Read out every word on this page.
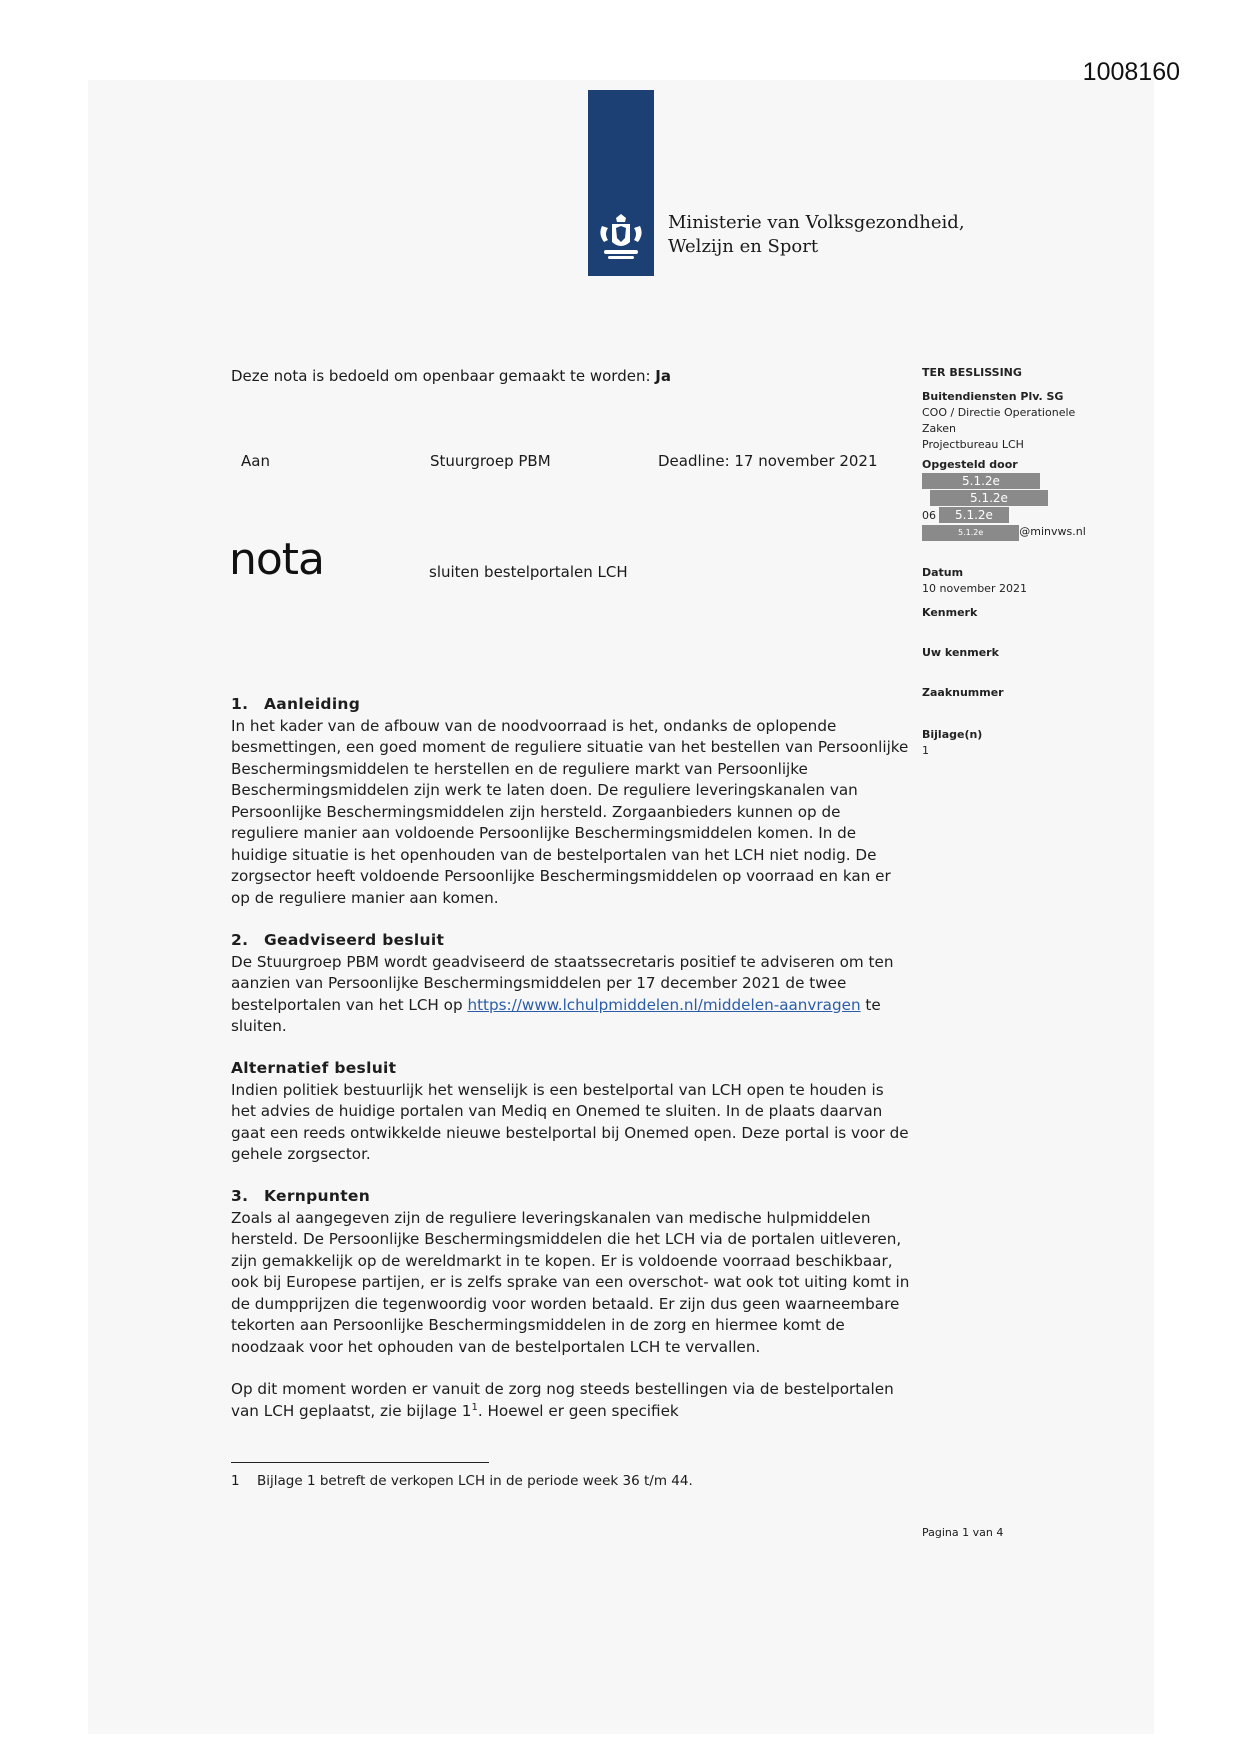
1008160
Ministerie van Volksgezondheid,
Welzijn en Sport
Deze nota is bedoeld om openbaar gemaakt te worden: Ja
Aan	Stuurgroep PBM	Deadline: 17 november 2021
nota	sluiten bestelportalen LCH
TER BESLISSING
Buitendiensten Plv. SG
COO / Directie Operationele
Zaken
Projectbureau LCH
Opgesteld door
5.1.2e
5.1.2e
06 5.1.2e
5.1.2e	@minvws.nl
Datum
10 november 2021
Kenmerk
Uw kenmerk
Zaaknummer
Bijlage(n)
1
1. Aanleiding

In het kader van de afbouw van de noodvoorraad is het, ondanks de oplopende besmettingen, een goed moment de reguliere situatie van het bestellen van Persoonlijke Beschermingsmiddelen te herstellen en de reguliere markt van Persoonlijke Beschermingsmiddelen zijn werk te laten doen. De reguliere leveringskanalen van Persoonlijke Beschermingsmiddelen zijn hersteld. Zorgaanbieders kunnen op de reguliere manier aan voldoende Persoonlijke Beschermingsmiddelen komen. In de huidige situatie is het openhouden van de bestelportalen van het LCH niet nodig. De zorgsector heeft voldoende Persoonlijke Beschermingsmiddelen op voorraad en kan er op de reguliere manier aan komen.

2. Geadviseerd besluit

De Stuurgroep PBM wordt geadviseerd de staatssecretaris positief te adviseren om ten aanzien van Persoonlijke Beschermingsmiddelen per 17 december 2021 de twee bestelportalen van het LCH op https://www.lchulpmiddelen.nl/middelen-aanvragen te sluiten.

Alternatief besluit

Indien politiek bestuurlijk het wenselijk is een bestelportal van LCH open te houden is het advies de huidige portalen van Mediq en Onemed te sluiten. In de plaats daarvan gaat een reeds ontwikkelde nieuwe bestelportal bij Onemed open. Deze portal is voor de gehele zorgsector.

3. Kernpunten

Zoals al aangegeven zijn de reguliere leveringskanalen van medische hulpmiddelen hersteld. De Persoonlijke Beschermingsmiddelen die het LCH via de portalen uitleveren, zijn gemakkelijk op de wereldmarkt in te kopen. Er is voldoende voorraad beschikbaar, ook bij Europese partijen, er is zelfs sprake van een overschot- wat ook tot uiting komt in de dumpprijzen die tegenwoordig voor worden betaald. Er zijn dus geen waarneembare tekorten aan Persoonlijke Beschermingsmiddelen in de zorg en hiermee komt de noodzaak voor het ophouden van de bestelportalen LCH te vervallen.

Op dit moment worden er vanuit de zorg nog steeds bestellingen via de bestelportalen van LCH geplaatst, zie bijlage $1^1$. Hoewel er geen specifiek

1 Bijlage 1 betreft de verkopen LCH in de periode week 36 t/m 44.
Pagina 1 van 4
